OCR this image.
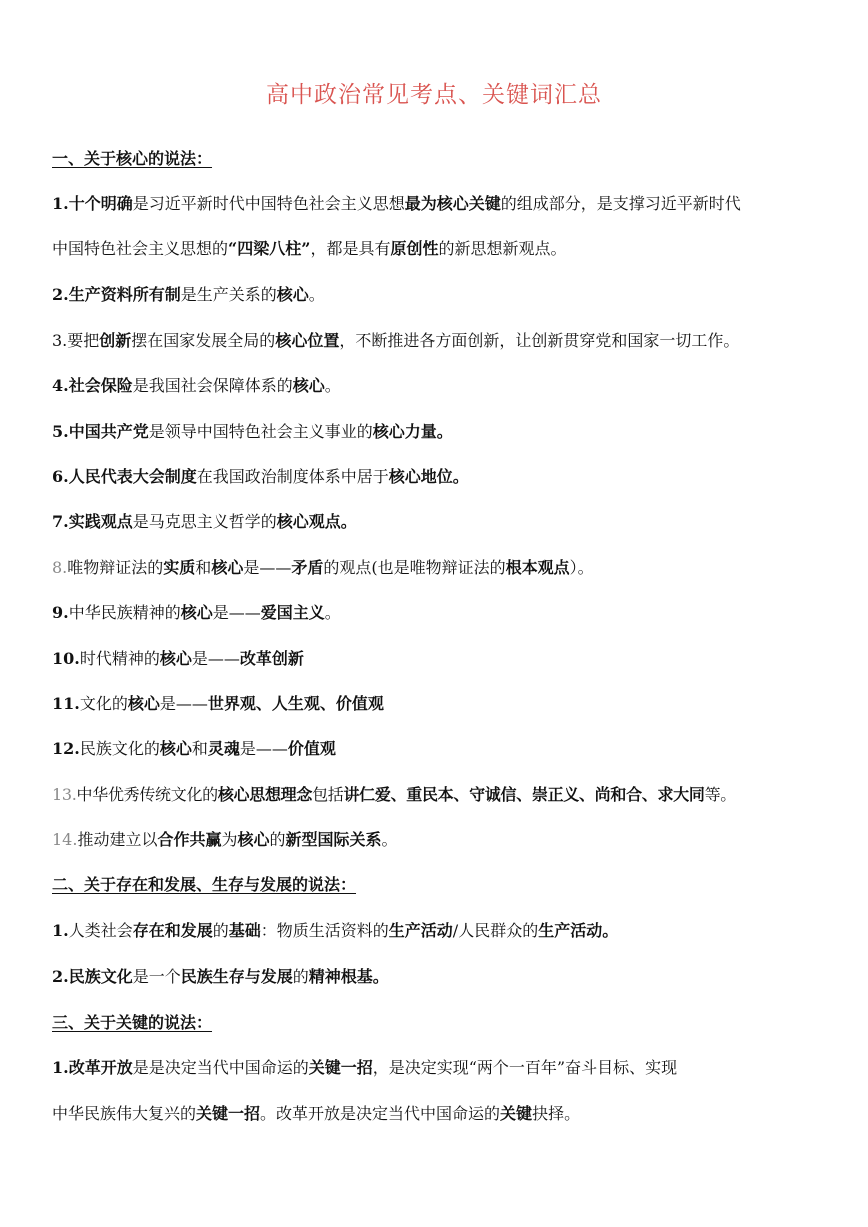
高中政治常见考点、关键词汇总
一、关于核心的说法：
1.十个明确是习近平新时代中国特色社会主义思想最为核心关键的组成部分，是支撑习近平新时代
中国特色社会主义思想的“四梁八柱”，都是具有原创性的新思想新观点。
2.生产资料所有制是生产关系的核心。
3.要把创新摆在国家发展全局的核心位置，不断推进各方面创新，让创新贯穿党和国家一切工作。
4.社会保险是我国社会保障体系的核心。
5.中国共产党是领导中国特色社会主义事业的核心力量。
6.人民代表大会制度在我国政治制度体系中居于核心地位。
7.实践观点是马克思主义哲学的核心观点。
8.唯物辩证法的实质和核心是——矛盾的观点(也是唯物辩证法的根本观点）。
9.中华民族精神的核心是——爱国主义。
10.时代精神的核心是——改革创新
11.文化的核心是——世界观、人生观、价值观
12.民族文化的核心和灵魂是——价值观
13.中华优秀传统文化的核心思想理念包括讲仁爱、重民本、守诚信、崇正义、尚和合、求大同等。
14.推动建立以合作共赢为核心的新型国际关系。
二、关于存在和发展、生存与发展的说法：
1.人类社会存在和发展的基础：物质生活资料的生产活动/人民群众的生产活动。
2.民族文化是一个民族生存与发展的精神根基。
三、关于关键的说法：
1.改革开放是是决定当代中国命运的关键一招，是决定实现“两个一百年”奋斗目标、实现
中华民族伟大复兴的关键一招。改革开放是决定当代中国命运的关键抉择。
